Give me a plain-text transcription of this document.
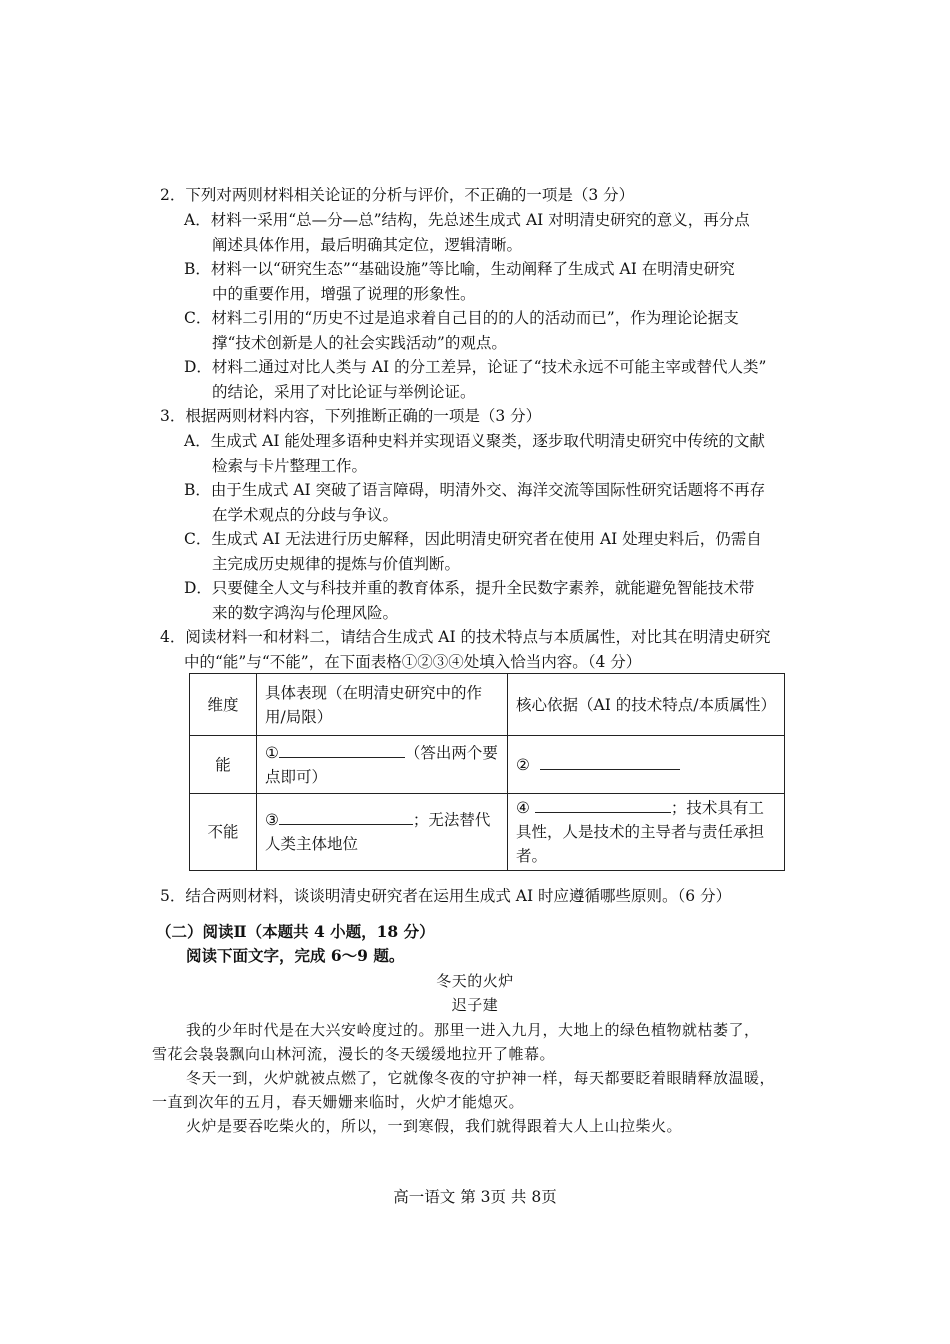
2．下列对两则材料相关论证的分析与评价，不正确的一项是（3 分）
A．材料一采用“总—分—总”结构，先总述生成式 AI 对明清史研究的意义，再分点
阐述具体作用，最后明确其定位，逻辑清晰。
B．材料一以“研究生态”“基础设施”等比喻，生动阐释了生成式 AI 在明清史研究
中的重要作用，增强了说理的形象性。
C．材料二引用的“历史不过是追求着自己目的的人的活动而已”，作为理论论据支
撑“技术创新是人的社会实践活动”的观点。
D．材料二通过对比人类与 AI 的分工差异，论证了“技术永远不可能主宰或替代人类”
的结论，采用了对比论证与举例论证。
3．根据两则材料内容，下列推断正确的一项是（3 分）
A．生成式 AI 能处理多语种史料并实现语义聚类，逐步取代明清史研究中传统的文献
检索与卡片整理工作。
B．由于生成式 AI 突破了语言障碍，明清外交、海洋交流等国际性研究话题将不再存
在学术观点的分歧与争议。
C．生成式 AI 无法进行历史解释，因此明清史研究者在使用 AI 处理史料后，仍需自
主完成历史规律的提炼与价值判断。
D．只要健全人文与科技并重的教育体系，提升全民数字素养，就能避免智能技术带
来的数字鸿沟与伦理风险。
4．阅读材料一和材料二，请结合生成式 AI 的技术特点与本质属性，对比其在明清史研究
中的“能”与“不能”，在下面表格①②③④处填入恰当内容。（4 分）
维度	具体表现（在明清史研究中的作用/局限）	核心依据（AI 的技术特点/本质属性）
能	① （答出两个要点即可）	②
不能	③ ；无法替代人类主体地位	④ ；技术具有工具性，人是技术的主导者与责任承担者。
5．结合两则材料，谈谈明清史研究者在运用生成式 AI 时应遵循哪些原则。（6 分）
（二）阅读Ⅱ（本题共 4 小题，18 分）
阅读下面文字，完成 6～9 题。
冬天的火炉
迟子建
我的少年时代是在大兴安岭度过的。那里一进入九月，大地上的绿色植物就枯萎了，
雪花会袅袅飘向山林河流，漫长的冬天缓缓地拉开了帷幕。
冬天一到，火炉就被点燃了，它就像冬夜的守护神一样，每天都要眨着眼睛释放温暖，
一直到次年的五月，春天姗姗来临时，火炉才能熄灭。
火炉是要吞吃柴火的，所以，一到寒假，我们就得跟着大人上山拉柴火。
高一语文 第 3页 共 8页
